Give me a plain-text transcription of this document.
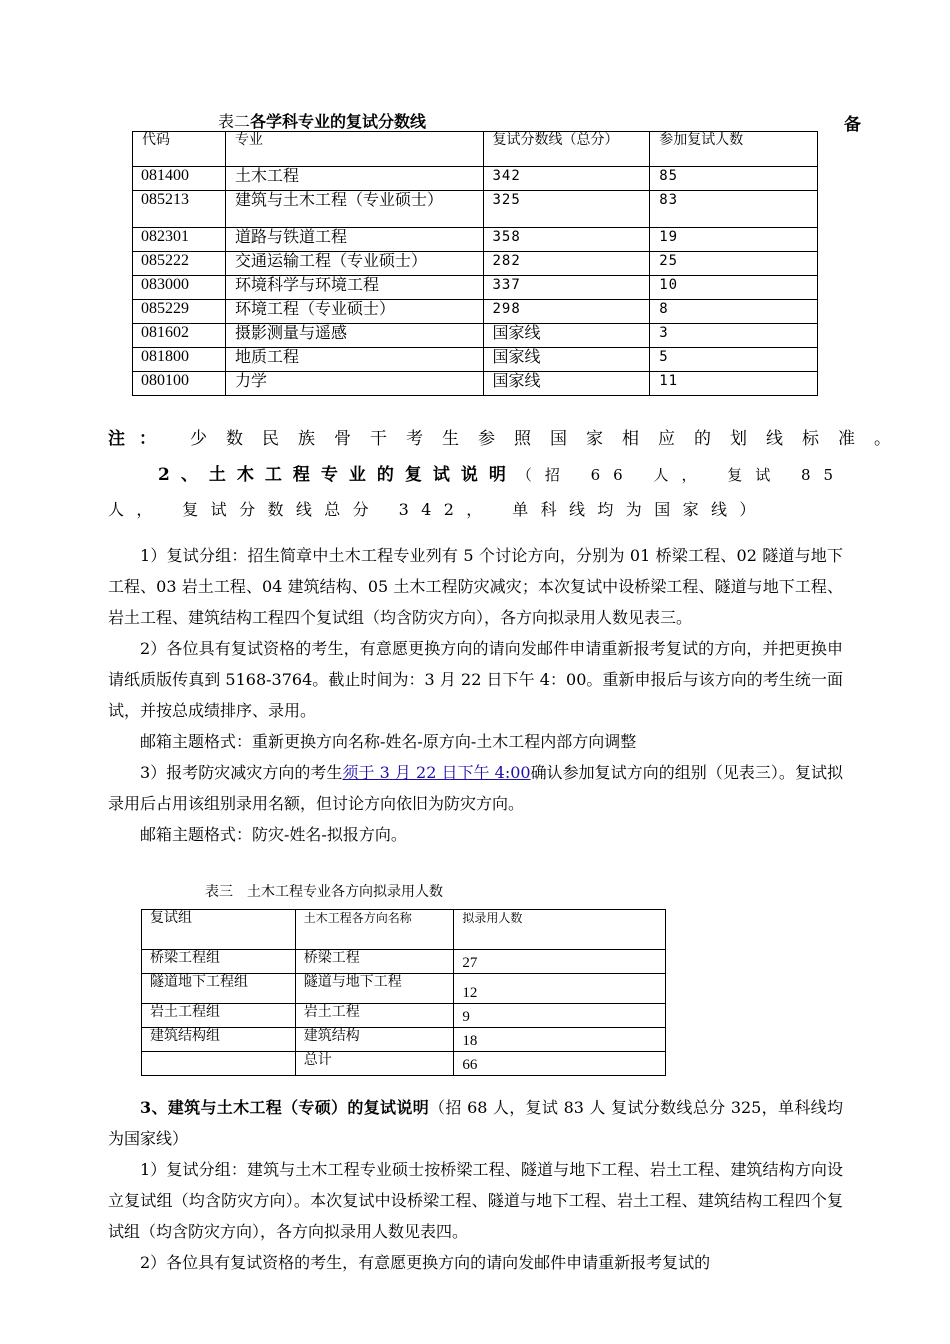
表二各学科专业的复试分数线	备
代码	专业	复试分数线（总分）	参加复试人数
081400	土木工程	342	85
085213	建筑与土木工程（专业硕士）	325	83
082301	道路与铁道工程	358	19
085222	交通运输工程（专业硕士）	282	25
083000	环境科学与环境工程	337	10
085229	环境工程（专业硕士）	298	8
081602	摄影测量与遥感	国家线	3
081800	地质工程	国家线	5
080100	力学	国家线	11
注： 少数民族骨干考生参照国家相应的划线标准。
2、土木工程专业的复试说明（招 66 人， 复试 85
人， 复试分数线总分 342， 单科线均为国家线）

1）复试分组：招生简章中土木工程专业列有 5 个讨论方向，分别为 01 桥梁工程、02 隧道与地下工程、03 岩土工程、04 建筑结构、05 土木工程防灾减灾；本次复试中设桥梁工程、隧道与地下工程、岩土工程、建筑结构工程四个复试组（均含防灾方向），各方向拟录用人数见表三。

2）各位具有复试资格的考生，有意愿更换方向的请向发邮件申请重新报考复试的方向，并把更换申请纸质版传真到 5168-3764。截止时间为：3 月 22 日下午 4：00。重新申报后与该方向的考生统一面试，并按总成绩排序、录用。

邮箱主题格式：重新更换方向名称-姓名-原方向-土木工程内部方向调整

3）报考防灾减灾方向的考生须于 3 月 22 日下午 4:00确认参加复试方向的组别（见表三）。复试拟录用后占用该组别录用名额，但讨论方向依旧为防灾方向。

邮箱主题格式：防灾-姓名-拟报方向。

表三　土木工程专业各方向拟录用人数
复试组	土木工程各方向名称	拟录用人数
桥梁工程组	桥梁工程	27
隧道地下工程组	隧道与地下工程	12
岩土工程组	岩土工程	9
建筑结构组	建筑结构	18
	总计	66

3、建筑与土木工程（专硕）的复试说明（招 68 人，复试 83 人 复试分数线总分 325，单科线均为国家线）

1）复试分组：建筑与土木工程专业硕士按桥梁工程、隧道与地下工程、岩土工程、建筑结构方向设立复试组（均含防灾方向）。本次复试中设桥梁工程、隧道与地下工程、岩土工程、建筑结构工程四个复试组（均含防灾方向），各方向拟录用人数见表四。

2）各位具有复试资格的考生，有意愿更换方向的请向发邮件申请重新报考复试的
